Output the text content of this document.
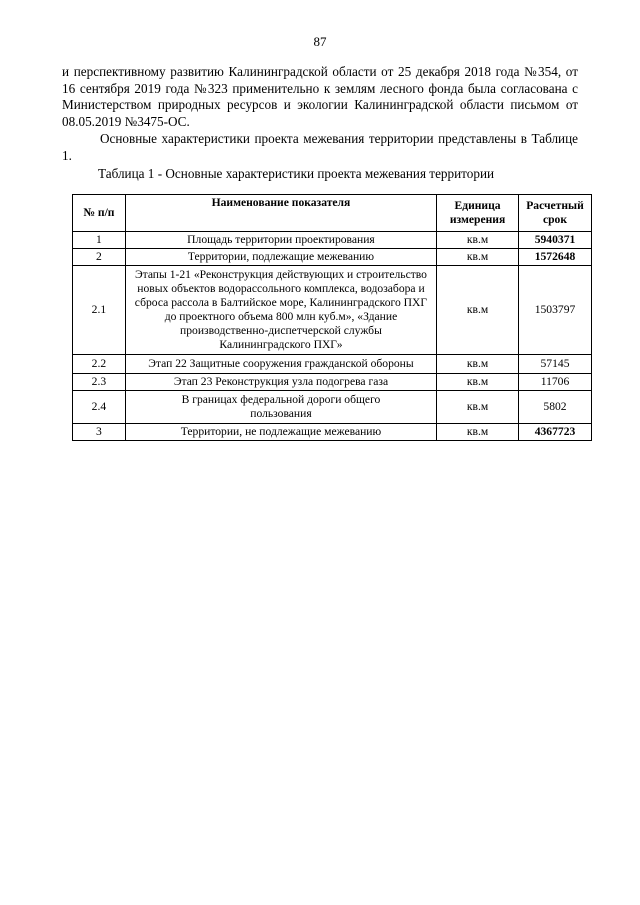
87

и перспективному развитию Калининградской области от 25 декабря 2018 года №354, от 16 сентября 2019 года №323 применительно к землям лесного фонда была согласована с Министерством природных ресурсов и экологии Калининградской области письмом от 08.05.2019 №3475-ОС.

Основные характеристики проекта межевания территории представлены в Таблице 1.

Таблица 1 - Основные характеристики проекта межевания территории
№ п/п	Наименование показателя	Единица измерения	Расчетный срок
1	Площадь территории проектирования	кв.м	5940371
2	Территории, подлежащие межеванию	кв.м	1572648
2.1	Этапы 1-21 «Реконструкция действующих и строительство новых объектов водорассольного комплекса, водозабора и сброса рассола в Балтийское море, Калининградского ПХГ до проектного объема 800 млн куб.м», «Здание производственно-диспетчерской службы Калининградского ПХГ»	кв.м	1503797
2.2	Этап 22 Защитные сооружения гражданской обороны	кв.м	57145
2.3	Этап 23 Реконструкция узла подогрева газа	кв.м	11706
2.4	В границах федеральной дороги общего пользования	кв.м	5802
3	Территории, не подлежащие межеванию	кв.м	4367723
